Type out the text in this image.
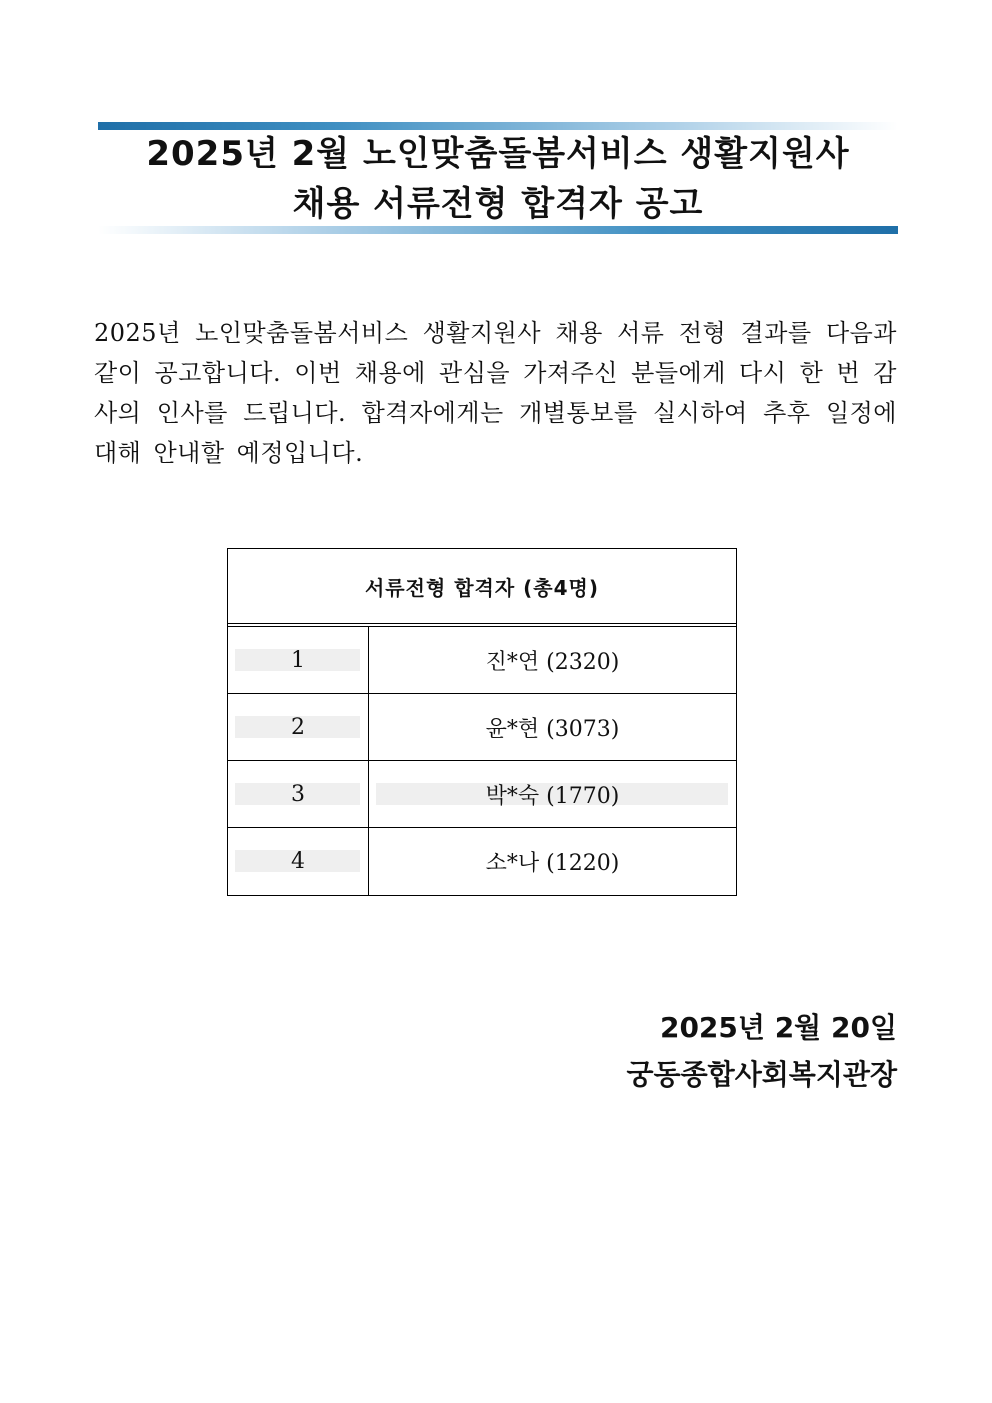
2025년 2월 노인맞춤돌봄서비스 생활지원사
채용 서류전형 합격자 공고
2025년 노인맞춤돌봄서비스 생활지원사 채용 서류 전형 결과를 다음과 같이 공고합니다. 이번 채용에 관심을 가져주신 분들에게 다시 한 번 감사의 인사를 드립니다. 합격자에게는 개별통보를 실시하여 추후 일정에 대해 안내할 예정입니다.
서류전형 합격자 (총4명)
1	진*연 (2320)
2	윤*현 (3073)
3	박*숙 (1770)
4	소*나 (1220)
2025년 2월 20일
궁동종합사회복지관장
